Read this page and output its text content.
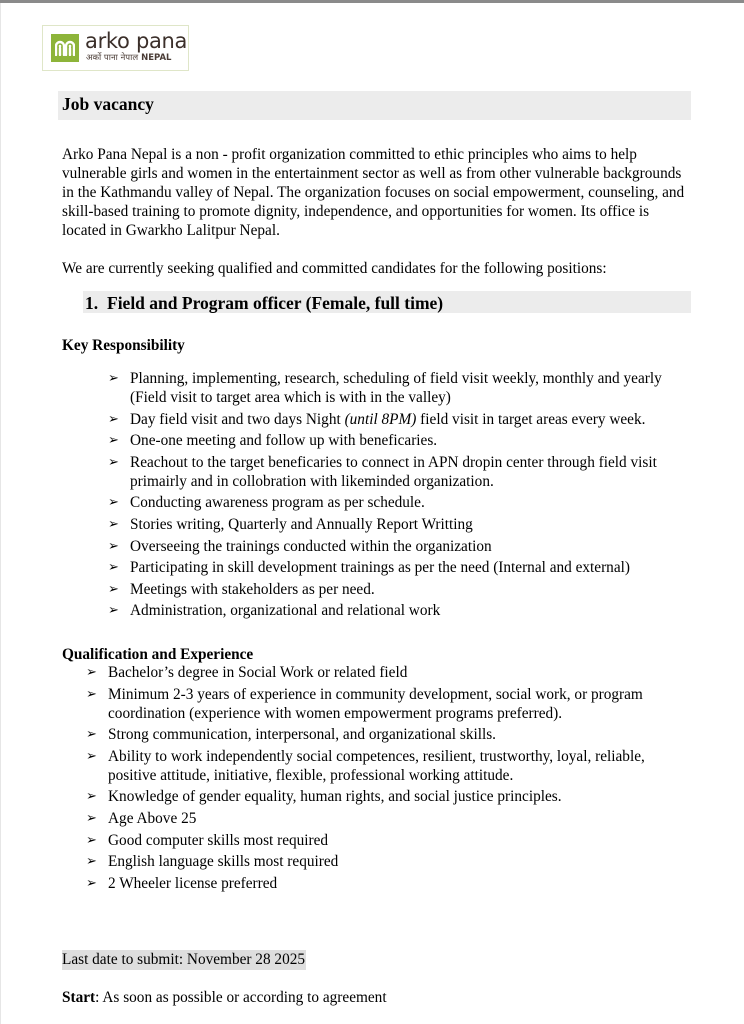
arko pana
अर्को पाना नेपाल NEPAL
Job vacancy

Arko Pana Nepal is a non - profit organization committed to ethic principles who aims to help vulnerable girls and women in the entertainment sector as well as from other vulnerable backgrounds in the Kathmandu valley of Nepal. The organization focuses on social empowerment, counseling, and skill-based training to promote dignity, independence, and opportunities for women. Its office is located in Gwarkho Lalitpur Nepal.

We are currently seeking qualified and committed candidates for the following positions:

1. Field and Program officer (Female, full time)
Key Responsibility
➢ Planning, implementing, research, scheduling of field visit weekly, monthly and yearly (Field visit to target area which is with in the valley)
➢ Day field visit and two days Night (until 8PM) field visit in target areas every week.
➢ One-one meeting and follow up with beneficaries.
➢ Reachout to the target beneficaries to connect in APN dropin center through field visit primairly and in collobration with likeminded organization.
➢ Conducting awareness program as per schedule.
➢ Stories writing, Quarterly and Annually Report Writting
➢ Overseeing the trainings conducted within the organization
➢ Participating in skill development trainings as per the need (Internal and external)
➢ Meetings with stakeholders as per need.
➢ Administration, organizational and relational work
Qualification and Experience
➢ Bachelor’s degree in Social Work or related field
➢ Minimum 2-3 years of experience in community development, social work, or program coordination (experience with women empowerment programs preferred).
➢ Strong communication, interpersonal, and organizational skills.
➢ Ability to work independently social competences, resilient, trustworthy, loyal, reliable, positive attitude, initiative, flexible, professional working attitude.
➢ Knowledge of gender equality, human rights, and social justice principles.
➢ Age Above 25
➢ Good computer skills most required
➢ English language skills most required
➢ 2 Wheeler license preferred
Last date to submit: November 28 2025
Start: As soon as possible or according to agreement
